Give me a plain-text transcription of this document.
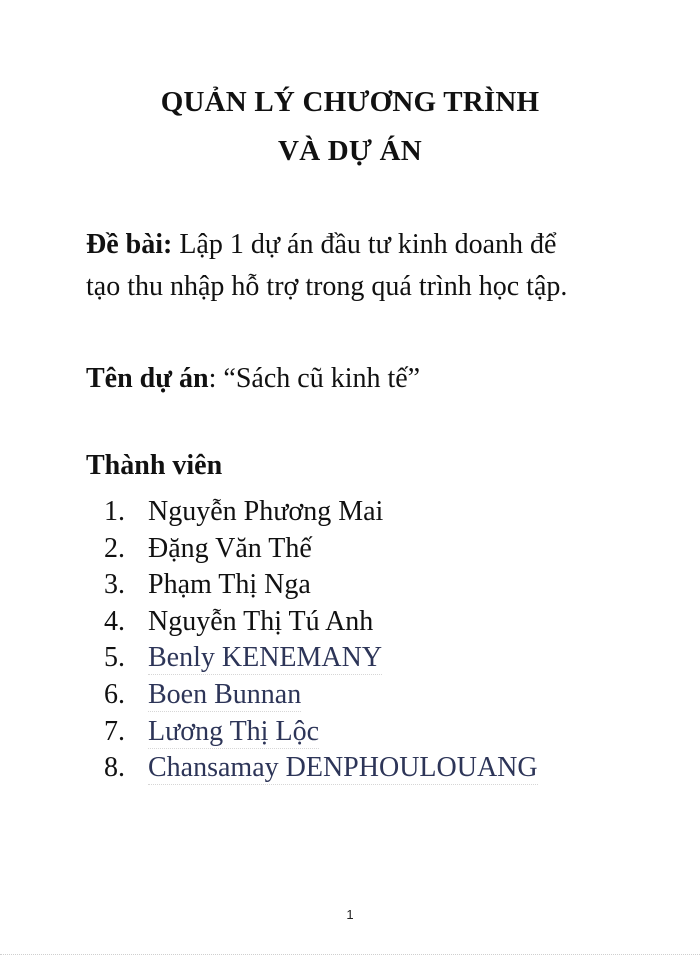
QUẢN LÝ CHƯƠNG TRÌNH
VÀ DỰ ÁN
Đề bài: Lập 1 dự án đầu tư kinh doanh để
tạo thu nhập hỗ trợ trong quá trình học tập.
Tên dự án: “Sách cũ kinh tế”
Thành viên
1. Nguyễn Phương Mai
2. Đặng Văn Thế
3. Phạm Thị Nga
4. Nguyễn Thị Tú Anh
5. Benly KENEMANY
6. Boen Bunnan
7. Lương Thị Lộc
8. Chansamay DENPHOULOUANG
1
